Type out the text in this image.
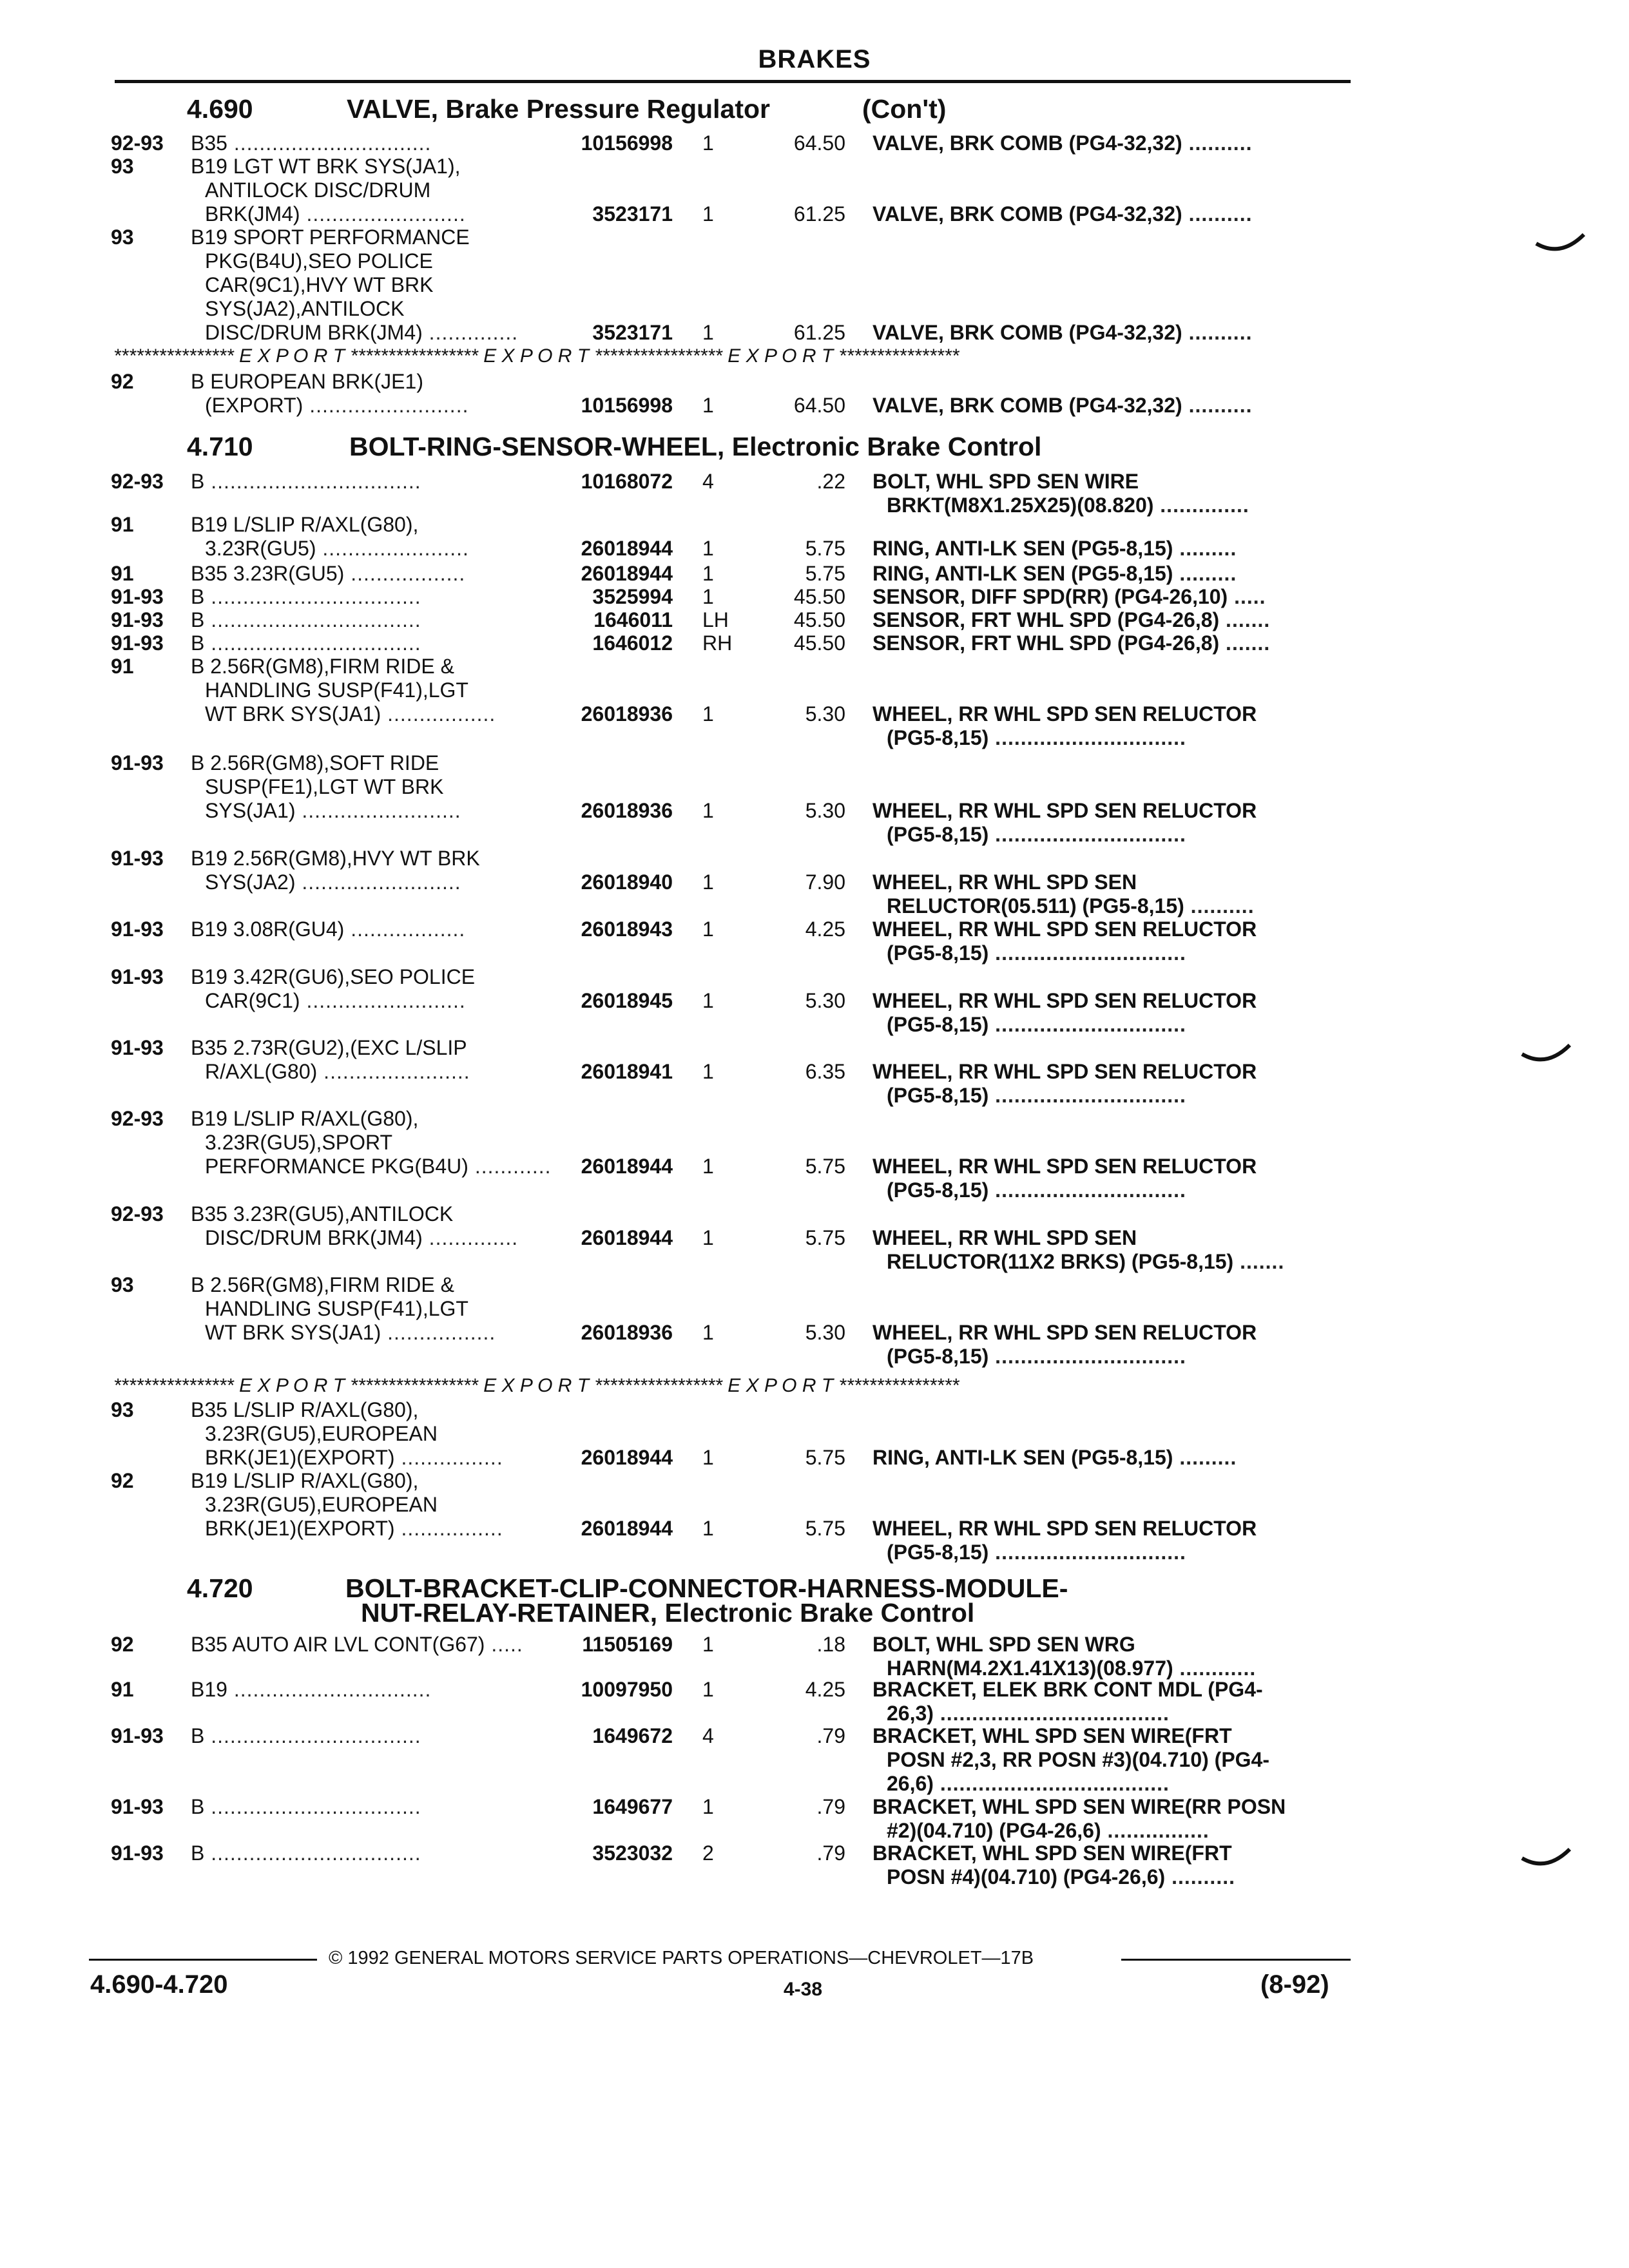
BRAKES
4.690	VALVE, Brake Pressure Regulator	(Con't)
4.710	BOLT-RING-SENSOR-WHEEL, Electronic Brake Control
4.720	BOLT-BRACKET-CLIP-CONNECTOR-HARNESS-MODULE-
NUT-RELAY-RETAINER, Electronic Brake Control
92-93 B35 ...............................	10156998 1	64.50 VALVE, BRK COMB (PG4-32,32) ..........
93	B19 LGT WT BRK SYS(JA1),
ANTILOCK DISC/DRUM
BRK(JM4) .........................	3523171 1	61.25 VALVE, BRK COMB (PG4-32,32) ..........
93	B19 SPORT PERFORMANCE
PKG(B4U),SEO POLICE
CAR(9C1),HVY WT BRK
SYS(JA2),ANTILOCK
DISC/DRUM BRK(JM4) ..............	3523171 1	61.25 VALVE, BRK COMB (PG4-32,32) ..........
92	B EUROPEAN BRK(JE1)
(EXPORT) .........................	10156998 1	64.50 VALVE, BRK COMB (PG4-32,32) ..........
92-93 B .................................	10168072 4	.22 BOLT, WHL SPD SEN WIRE
BRKT(M8X1.25X25)(08.820) ..............
91	B19 L/SLIP R/AXL(G80),
3.23R(GU5) .......................	26018944 1	5.75 RING, ANTI-LK SEN (PG5-8,15) .........
91	B35 3.23R(GU5) ..................	26018944 1	5.75 RING, ANTI-LK SEN (PG5-8,15) .........
91-93 B .................................	3525994 1	45.50 SENSOR, DIFF SPD(RR) (PG4-26,10) .....
91-93 B .................................	1646011 LH	45.50 SENSOR, FRT WHL SPD (PG4-26,8) .......
91-93 B .................................	1646012 RH	45.50 SENSOR, FRT WHL SPD (PG4-26,8) .......
91	B 2.56R(GM8),FIRM RIDE &
HANDLING SUSP(F41),LGT
WT BRK SYS(JA1) .................	26018936 1	5.30 WHEEL, RR WHL SPD SEN RELUCTOR
(PG5-8,15) ..............................
91-93 B 2.56R(GM8),SOFT RIDE
SUSP(FE1),LGT WT BRK
SYS(JA1) .........................	26018936 1	5.30 WHEEL, RR WHL SPD SEN RELUCTOR
(PG5-8,15) ..............................
91-93 B19 2.56R(GM8),HVY WT BRK
SYS(JA2) .........................	26018940 1	7.90 WHEEL, RR WHL SPD SEN
RELUCTOR(05.511) (PG5-8,15) ..........
91-93 B19 3.08R(GU4) ..................	26018943 1	4.25 WHEEL, RR WHL SPD SEN RELUCTOR
(PG5-8,15) ..............................
91-93 B19 3.42R(GU6),SEO POLICE
CAR(9C1) .........................	26018945 1	5.30 WHEEL, RR WHL SPD SEN RELUCTOR
(PG5-8,15) ..............................
91-93 B35 2.73R(GU2),(EXC L/SLIP
R/AXL(G80) .......................	26018941 1	6.35 WHEEL, RR WHL SPD SEN RELUCTOR
(PG5-8,15) ..............................
92-93 B19 L/SLIP R/AXL(G80),
3.23R(GU5),SPORT
PERFORMANCE PKG(B4U) ............	26018944 1	5.75 WHEEL, RR WHL SPD SEN RELUCTOR
(PG5-8,15) ..............................
92-93 B35 3.23R(GU5),ANTILOCK
DISC/DRUM BRK(JM4) ..............	26018944 1	5.75 WHEEL, RR WHL SPD SEN
RELUCTOR(11X2 BRKS) (PG5-8,15) .......
93	B 2.56R(GM8),FIRM RIDE &
HANDLING SUSP(F41),LGT
WT BRK SYS(JA1) .................	26018936 1	5.30 WHEEL, RR WHL SPD SEN RELUCTOR
(PG5-8,15) ..............................
93	B35 L/SLIP R/AXL(G80),
3.23R(GU5),EUROPEAN
BRK(JE1)(EXPORT) ................	26018944 1	5.75 RING, ANTI-LK SEN (PG5-8,15) .........
92	B19 L/SLIP R/AXL(G80),
3.23R(GU5),EUROPEAN
BRK(JE1)(EXPORT) ................	26018944 1	5.75 WHEEL, RR WHL SPD SEN RELUCTOR
(PG5-8,15) ..............................
92	B35 AUTO AIR LVL CONT(G67) .....	11505169 1	.18 BOLT, WHL SPD SEN WRG
HARN(M4.2X1.41X13)(08.977) ............
91	B19 ...............................	10097950 1	4.25 BRACKET, ELEK BRK CONT MDL (PG4-
26,3) ....................................
91-93 B .................................	1649672 4	.79 BRACKET, WHL SPD SEN WIRE(FRT
POSN #2,3, RR POSN #3)(04.710) (PG4-
26,6) ....................................
91-93 B .................................	1649677 1	.79 BRACKET, WHL SPD SEN WIRE(RR POSN
#2)(04.710) (PG4-26,6) ................
91-93 B .................................	3523032 2	.79 BRACKET, WHL SPD SEN WIRE(FRT
POSN #4)(04.710) (PG4-26,6) ..........
**************** E X P O R T ***************** E X P O R T ***************** E X P O R T ****************
**************** E X P O R T ***************** E X P O R T ***************** E X P O R T ****************
© 1992 GENERAL MOTORS SERVICE PARTS OPERATIONS—CHEVROLET—17B
4.690-4.720	4-38	(8-92)
